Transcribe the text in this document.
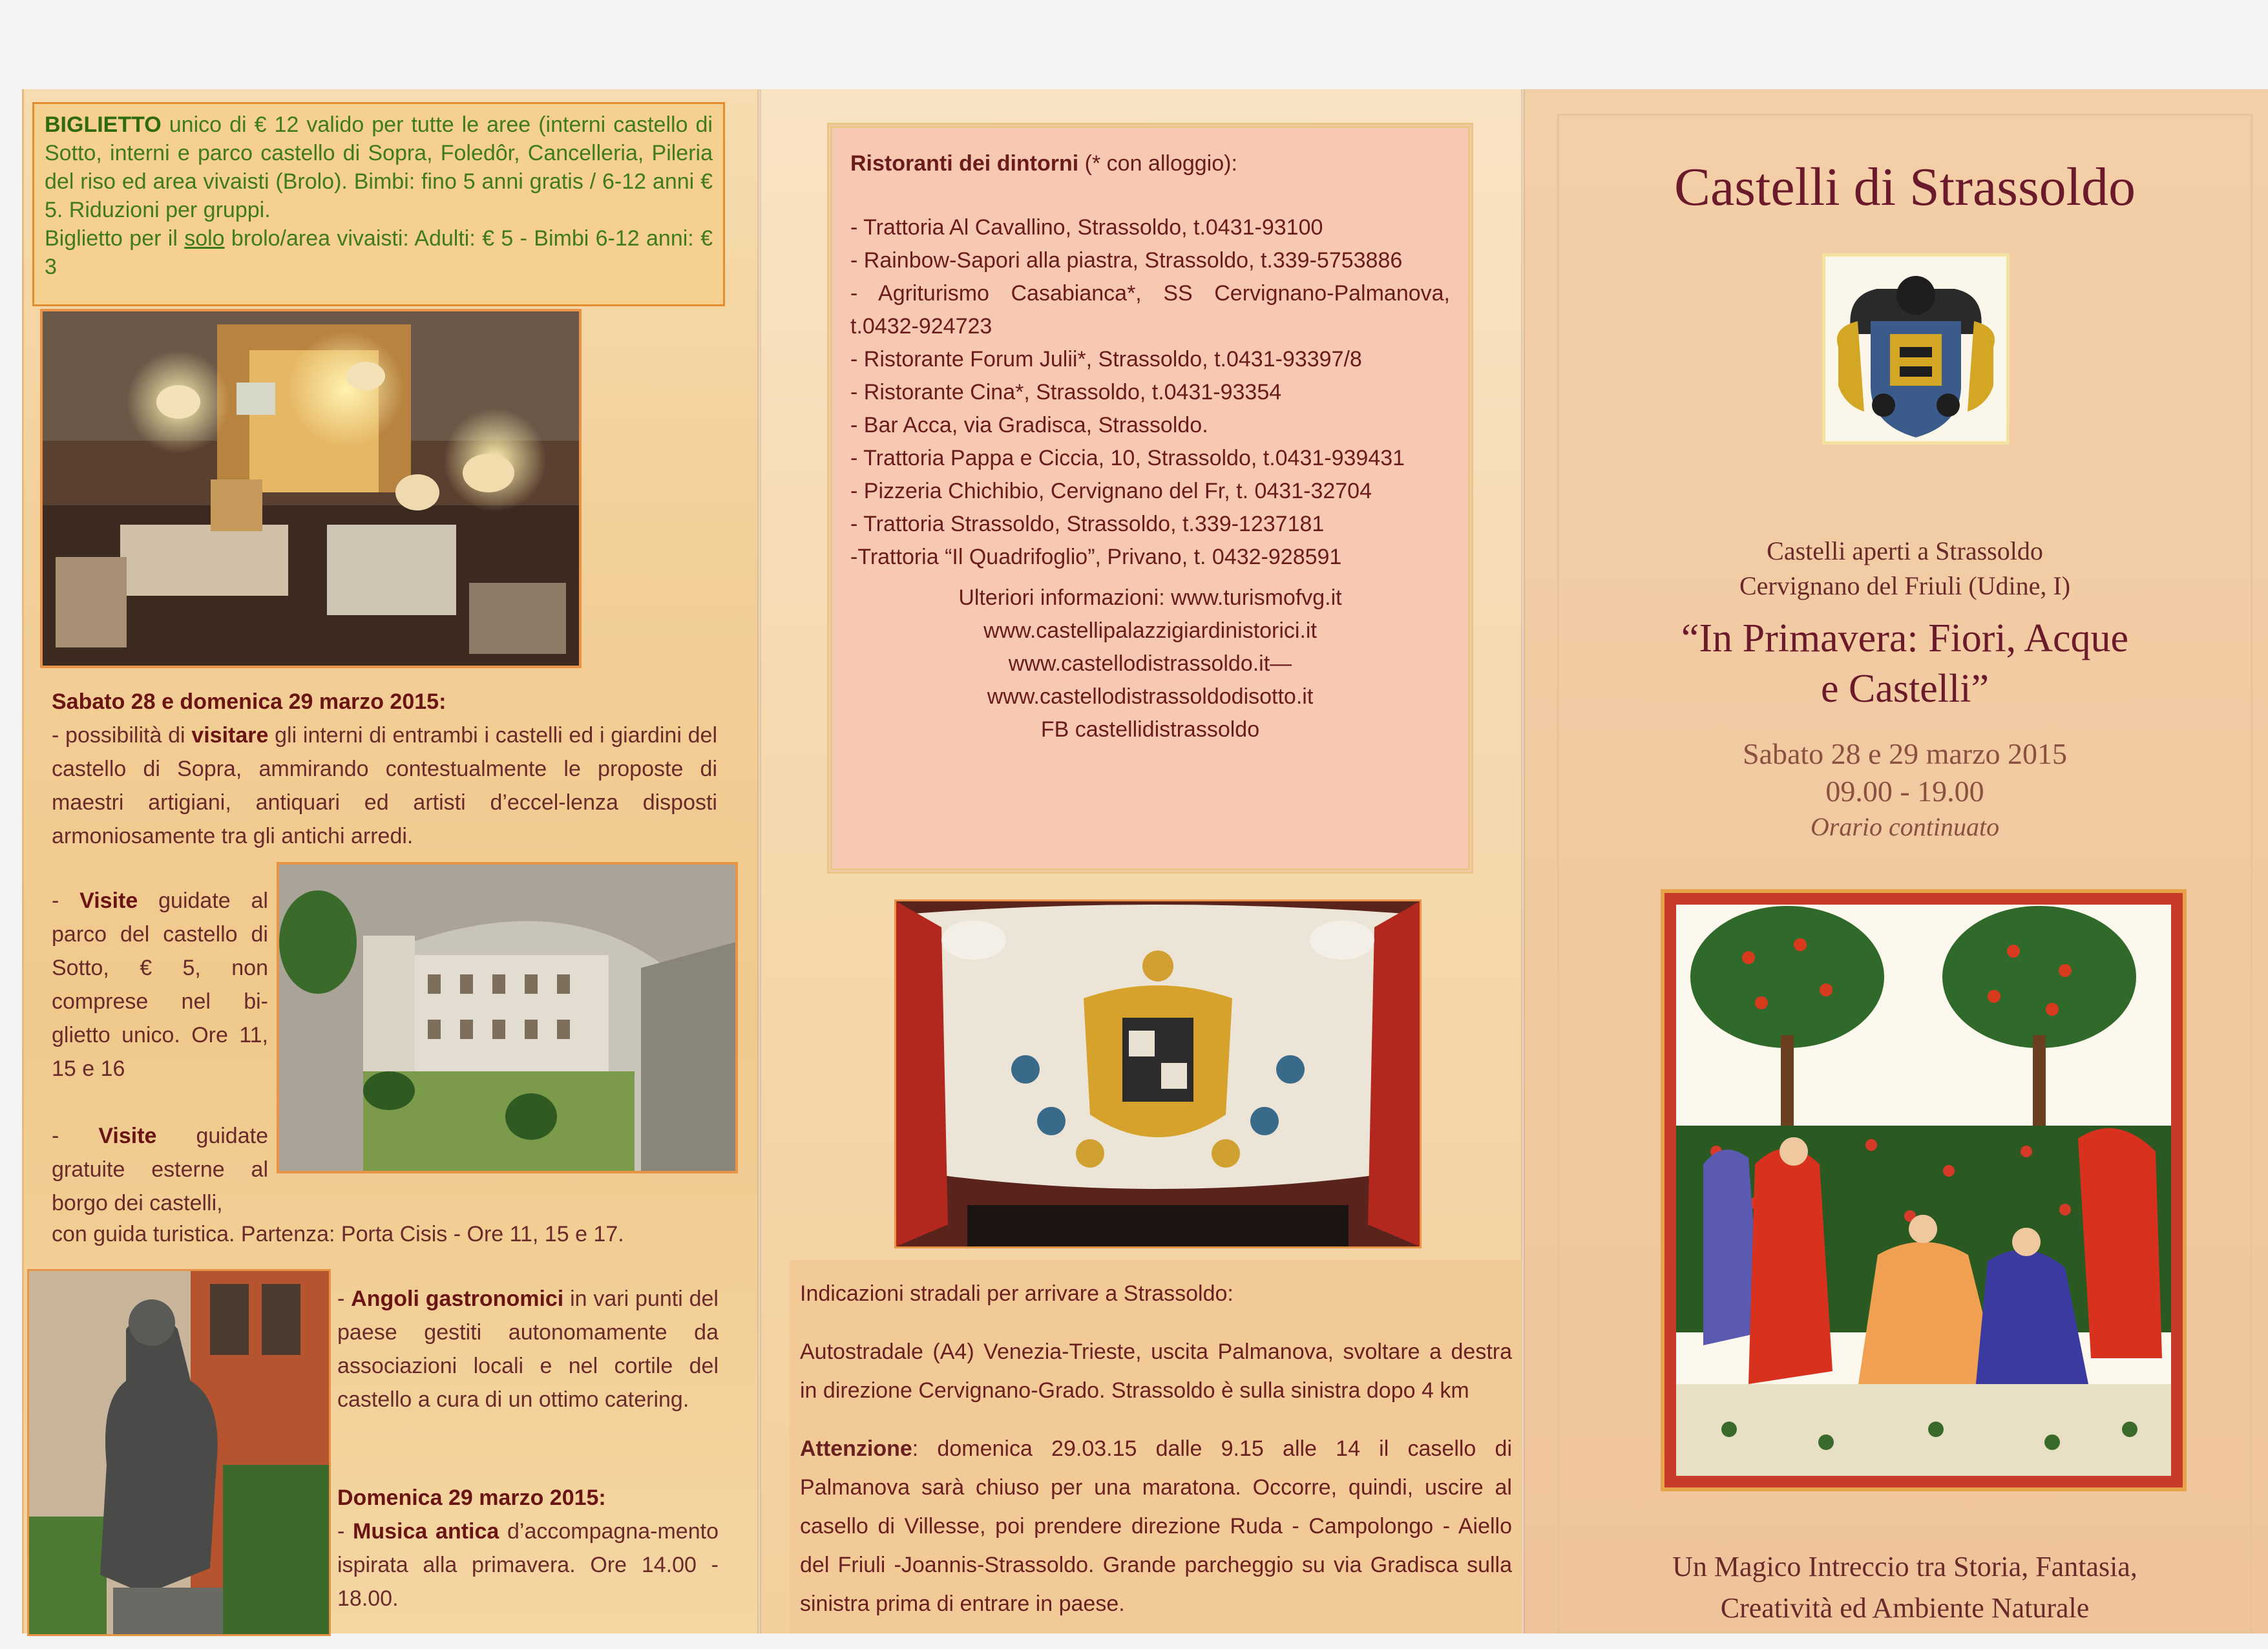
BIGLIETTO unico di € 12 valido per tutte le aree (interni castello di Sotto, interni e parco castello di Sopra, Foledôr, Cancelleria, Pileria del riso ed area vivaisti (Brolo). Bimbi: fino 5 anni gratis / 6-12 anni € 5. Riduzioni per gruppi.
Biglietto per il solo brolo/area vivaisti: Adulti: € 5 - Bimbi 6-12 anni: € 3
Sabato 28 e domenica 29 marzo 2015:
- possibilità di visitare gli interni di entrambi i castelli ed i giardini del castello di Sopra, ammirando contestualmente le proposte di maestri artigiani, antiquari ed artisti d’eccel-lenza disposti armoniosamente tra gli antichi arredi.
- Visite guidate al parco del castello di Sotto, € 5, non comprese nel bi-glietto unico. Ore 11, 15 e 16
- Visite guidate gratuite esterne al borgo dei castelli,
con guida turistica. Partenza: Porta Cisis - Ore 11, 15 e 17.
- Angoli gastronomici in vari punti del paese gestiti autonomamente da associazioni locali e nel cortile del castello a cura di un ottimo catering.
Domenica 29 marzo 2015:
- Musica antica d’accompagna-mento ispirata alla primavera. Ore 14.00 - 18.00.
Ristoranti dei dintorni (* con alloggio):
- Trattoria Al Cavallino, Strassoldo, t.0431-93100
- Rainbow-Sapori alla piastra, Strassoldo, t.339-5753886
- Agriturismo Casabianca*, SS Cervignano-Palmanova, t.0432-924723
- Ristorante Forum Julii*, Strassoldo, t.0431-93397/8
- Ristorante Cina*, Strassoldo, t.0431-93354
- Bar Acca, via Gradisca, Strassoldo.
- Trattoria Pappa e Ciccia, 10, Strassoldo, t.0431-939431
- Pizzeria Chichibio, Cervignano del Fr, t. 0431-32704
- Trattoria Strassoldo, Strassoldo, t.339-1237181
-Trattoria “Il Quadrifoglio”, Privano, t. 0432-928591
Ulteriori informazioni: www.turismofvg.it
www.castellipalazzigiardinistorici.it
www.castellodistrassoldo.it—
www.castellodistrassoldodisotto.it
FB castellidistrassoldo
Indicazioni stradali per arrivare a Strassoldo:
Autostradale (A4) Venezia-Trieste, uscita Palmanova, svoltare a destra in direzione Cervignano-Grado. Strassoldo è sulla sinistra dopo 4 km
Attenzione: domenica 29.03.15 dalle 9.15 alle 14 il casello di Palmanova sarà chiuso per una maratona. Occorre, quindi, uscire al casello di Villesse, poi prendere direzione Ruda - Campolongo - Aiello del Friuli -Joannis-Strassoldo. Grande parcheggio su via Gradisca sulla sinistra prima di entrare in paese.
Castelli di Strassoldo
Castelli aperti a Strassoldo
Cervignano del Friuli (Udine, I)
“In Primavera: Fiori, Acque
e Castelli”
Sabato 28 e 29 marzo 2015
09.00 - 19.00
Orario continuato
Un Magico Intreccio tra Storia, Fantasia,
Creatività ed Ambiente Naturale
